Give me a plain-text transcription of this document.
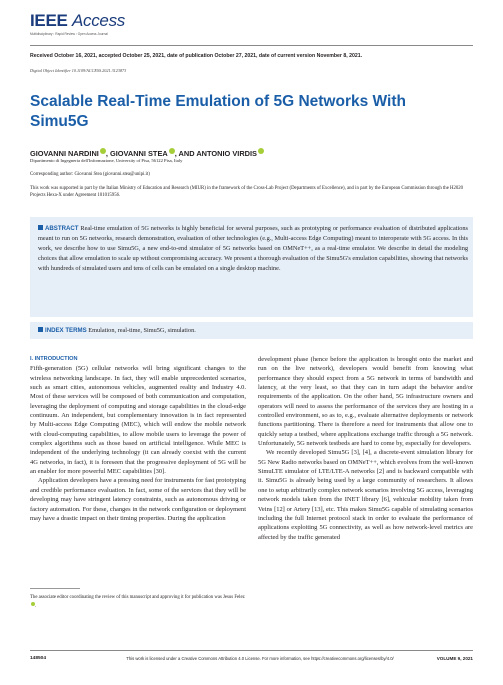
IEEE Access
Multidisciplinary ⁝ Rapid Review ⁝ Open Access Journal
Received October 16, 2021, accepted October 25, 2021, date of publication October 27, 2021, date of current version November 8, 2021.
Digital Object Identifier 10.1109/ACCESS.2021.3123873
Scalable Real-Time Emulation of 5G Networks With Simu5G
GIOVANNI NARDINI , GIOVANNI STEA , AND ANTONIO VIRDIS
Dipartimento di Ingegneria dell'Informazione, University of Pisa, 56122 Pisa, Italy
Corresponding author: Giovanni Stea (giovanni.stea@unipi.it)
This work was supported in part by the Italian Ministry of Education and Research (MIUR) in the framework of the Cross-Lab Project (Departments of Excellence), and in part by the European Commission through the H2020 Projects Hexa-X under Agreement 101015956.
ABSTRACT Real-time emulation of 5G networks is highly beneficial for several purposes, such as prototyping or performance evaluation of distributed applications meant to run on 5G networks, research demonstration, evaluation of other technologies (e.g., Multi-access Edge Computing) meant to interoperate with 5G access. In this work, we describe how to use Simu5G, a new end-to-end simulator of 5G networks based on OMNeT++, as a real-time emulator. We describe in detail the modeling choices that allow emulation to scale up without compromising accuracy. We present a thorough evaluation of the Simu5G's emulation capabilities, showing that networks with hundreds of simulated users and tens of cells can be emulated on a single desktop machine.
INDEX TERMS Emulation, real-time, Simu5G, simulation.
I. INTRODUCTION

Fifth-generation (5G) cellular networks will bring significant changes to the wireless networking landscape. In fact, they will enable unprecedented scenarios, such as smart cities, autonomous vehicles, augmented reality and Industry 4.0. Most of these services will be composed of both communication and computation, leveraging the deployment of computing and storage capabilities in the cloud-edge continuum. An independent, but complementary innovation is in fact represented by Multi-access Edge Computing (MEC), which will endow the mobile network with cloud-computing capabilities, to allow mobile users to leverage the power of complex algorithms such as those based on artificial intelligence. While MEC is independent of the underlying technology (it can already coexist with the current 4G networks, in fact), it is foreseen that the progressive deployment of 5G will be an enabler for more powerful MEC capabilities [30].

Application developers have a pressing need for instruments for fast prototyping and credible performance evaluation. In fact, some of the services that they will be developing may have stringent latency constraints, such as autonomous driving or factory automation. For these, changes in the network configuration or deployment may have a drastic impact on their timing properties. During the application

development phase (hence before the application is brought onto the market and run on the live network), developers would benefit from knowing what performance they should expect from a 5G network in terms of bandwidth and latency, at the very least, so that they can in turn adapt the behavior and/or requirements of the application. On the other hand, 5G infrastructure owners and operators will need to assess the performance of the services they are hosting in a controlled environment, so as to, e.g., evaluate alternative deployments or network functions partitioning. There is therefore a need for instruments that allow one to quickly setup a testbed, where applications exchange traffic through a 5G network. Unfortunately, 5G network testbeds are hard to come by, especially for developers.

We recently developed Simu5G [3], [4], a discrete-event simulation library for 5G New Radio networks based on OMNeT++, which evolves from the well-known SimuLTE simulator of LTE/LTE-A networks [2] and is backward compatible with it. Simu5G is already being used by a large community of researchers. It allows one to setup arbitrarily complex network scenarios involving 5G access, leveraging network models taken from the INET library [6], vehicular mobility taken from Veins [12] or Artery [13], etc. This makes Simu5G capable of simulating scenarios including the full Internet protocol stack in order to evaluate the performance of applications exploiting 5G connectivity, as well as how network-level metrics are affected by the traffic generated

The associate editor coordinating the review of this manuscript and approving it for publication was Jesus Felez.
148504	This work is licensed under a Creative Commons Attribution 4.0 License. For more information, see https://creativecommons.org/licenses/by/4.0/	VOLUME 9, 2021
